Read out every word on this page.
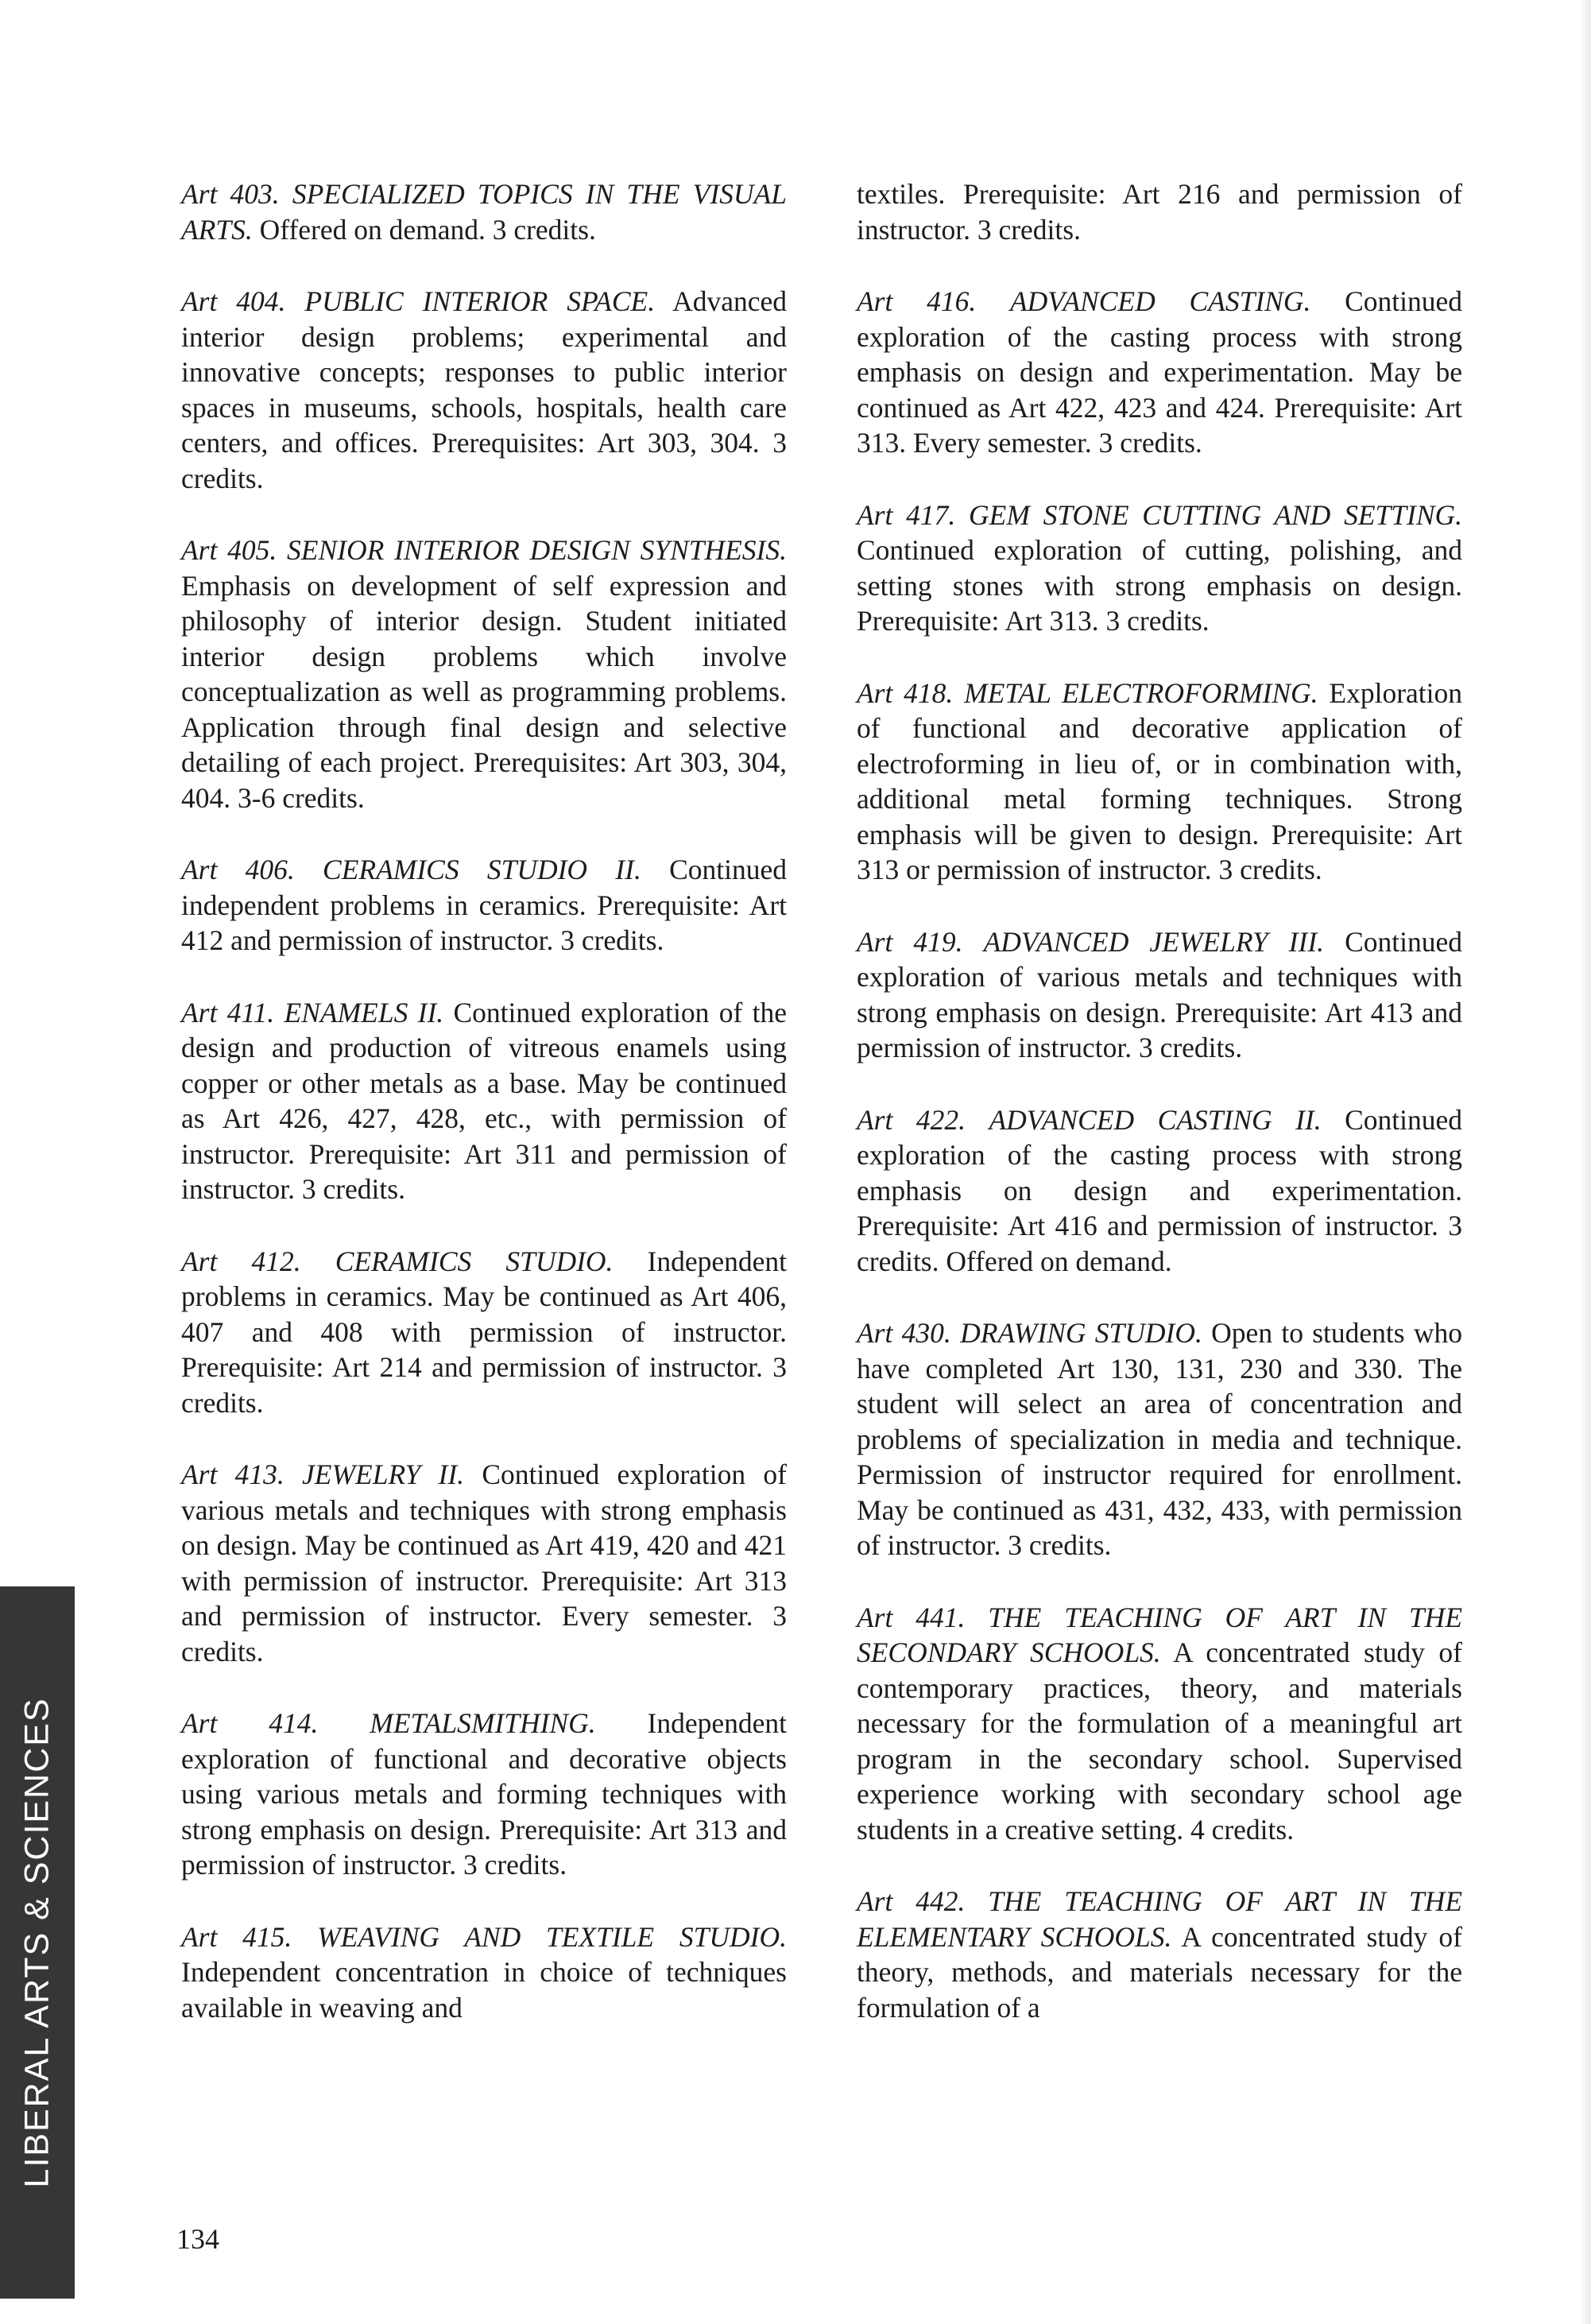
Art 403. SPECIALIZED TOPICS IN THE VISUAL ARTS. Offered on demand. 3 credits.

Art 404. PUBLIC INTERIOR SPACE. Advanced interior design problems; experimental and innovative concepts; responses to public interior spaces in museums, schools, hospitals, health care centers, and offices. Prerequisites: Art 303, 304. 3 credits.

Art 405. SENIOR INTERIOR DESIGN SYNTHESIS. Emphasis on development of self expression and philosophy of interior design. Student initiated interior design problems which involve conceptualization as well as programming problems. Application through final design and selective detailing of each project. Prerequisites: Art 303, 304, 404. 3-6 credits.

Art 406. CERAMICS STUDIO II. Continued independent problems in ceramics. Prerequisite: Art 412 and permission of instructor. 3 credits.

Art 411. ENAMELS II. Continued exploration of the design and production of vitreous enamels using copper or other metals as a base. May be continued as Art 426, 427, 428, etc., with permission of instructor. Prerequisite: Art 311 and permission of instructor. 3 credits.

Art 412. CERAMICS STUDIO. Independent problems in ceramics. May be continued as Art 406, 407 and 408 with permission of instructor. Prerequisite: Art 214 and permission of instructor. 3 credits.

Art 413. JEWELRY II. Continued exploration of various metals and techniques with strong emphasis on design. May be continued as Art 419, 420 and 421 with permission of instructor. Prerequisite: Art 313 and permission of instructor. Every semester. 3 credits.

Art 414. METALSMITHING. Independent exploration of functional and decorative objects using various metals and forming techniques with strong emphasis on design. Prerequisite: Art 313 and permission of instructor. 3 credits.

Art 415. WEAVING AND TEXTILE STUDIO. Independent concentration in choice of techniques available in weaving and

textiles. Prerequisite: Art 216 and permission of instructor. 3 credits.

Art 416. ADVANCED CASTING. Continued exploration of the casting process with strong emphasis on design and experimentation. May be continued as Art 422, 423 and 424. Prerequisite: Art 313. Every semester. 3 credits.

Art 417. GEM STONE CUTTING AND SETTING. Continued exploration of cutting, polishing, and setting stones with strong emphasis on design. Prerequisite: Art 313. 3 credits.

Art 418. METAL ELECTROFORMING. Exploration of functional and decorative application of electroforming in lieu of, or in combination with, additional metal forming techniques. Strong emphasis will be given to design. Prerequisite: Art 313 or permission of instructor. 3 credits.

Art 419. ADVANCED JEWELRY III. Continued exploration of various metals and techniques with strong emphasis on design. Prerequisite: Art 413 and permission of instructor. 3 credits.

Art 422. ADVANCED CASTING II. Continued exploration of the casting process with strong emphasis on design and experimentation. Prerequisite: Art 416 and permission of instructor. 3 credits. Offered on demand.

Art 430. DRAWING STUDIO. Open to students who have completed Art 130, 131, 230 and 330. The student will select an area of concentration and problems of specialization in media and technique. Permission of instructor required for enrollment. May be continued as 431, 432, 433, with permission of instructor. 3 credits.

Art 441. THE TEACHING OF ART IN THE SECONDARY SCHOOLS. A concentrated study of contemporary practices, theory, and materials necessary for the formulation of a meaningful art program in the secondary school. Supervised experience working with secondary school age students in a creative setting. 4 credits.

Art 442. THE TEACHING OF ART IN THE ELEMENTARY SCHOOLS. A concentrated study of theory, methods, and materials necessary for the formulation of a

LIBERAL ARTS & SCIENCES
134
